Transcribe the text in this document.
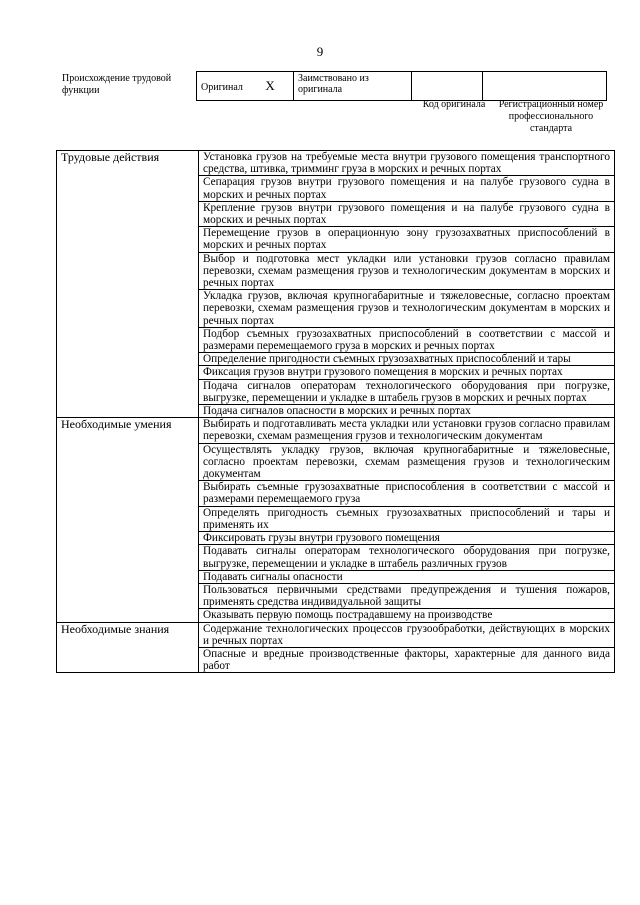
9
Происхождение трудовой функции	Оригинал X	Заимствовано из оригинала		
Код оригинала	Регистрационный номер профессионального стандарта
Трудовые действия	Установка грузов на требуемые места внутри грузового помещения транспортного средства, штивка, тримминг груза в морских и речных портах
	Сепарация грузов внутри грузового помещения и на палубе грузового судна в морских и речных портах
	Крепление грузов внутри грузового помещения и на палубе грузового судна в морских и речных портах
	Перемещение грузов в операционную зону грузозахватных приспособлений в морских и речных портах
	Выбор и подготовка мест укладки или установки грузов согласно правилам перевозки, схемам размещения грузов и технологическим документам в морских и речных портах
	Укладка грузов, включая крупногабаритные и тяжеловесные, согласно проектам перевозки, схемам размещения грузов и технологическим документам в морских и речных портах
	Подбор съемных грузозахватных приспособлений в соответствии с массой и размерами перемещаемого груза в морских и речных портах
	Определение пригодности съемных грузозахватных приспособлений и тары
	Фиксация грузов внутри грузового помещения в морских и речных портах
	Подача сигналов операторам технологического оборудования при погрузке, выгрузке, перемещении и укладке в штабель грузов в морских и речных портах
	Подача сигналов опасности в морских и речных портах
Необходимые умения	Выбирать и подготавливать места укладки или установки грузов согласно правилам перевозки, схемам размещения грузов и технологическим документам
	Осуществлять укладку грузов, включая крупногабаритные и тяжеловесные, согласно проектам перевозки, схемам размещения грузов и технологическим документам
	Выбирать съемные грузозахватные приспособления в соответствии с массой и размерами перемещаемого груза
	Определять пригодность съемных грузозахватных приспособлений и тары и применять их
	Фиксировать грузы внутри грузового помещения
	Подавать сигналы операторам технологического оборудования при погрузке, выгрузке, перемещении и укладке в штабель различных грузов
	Подавать сигналы опасности
	Пользоваться первичными средствами предупреждения и тушения пожаров, применять средства индивидуальной защиты
	Оказывать первую помощь пострадавшему на производстве
Необходимые знания	Содержание технологических процессов грузообработки, действующих в морских и речных портах
	Опасные и вредные производственные факторы, характерные для данного вида работ
